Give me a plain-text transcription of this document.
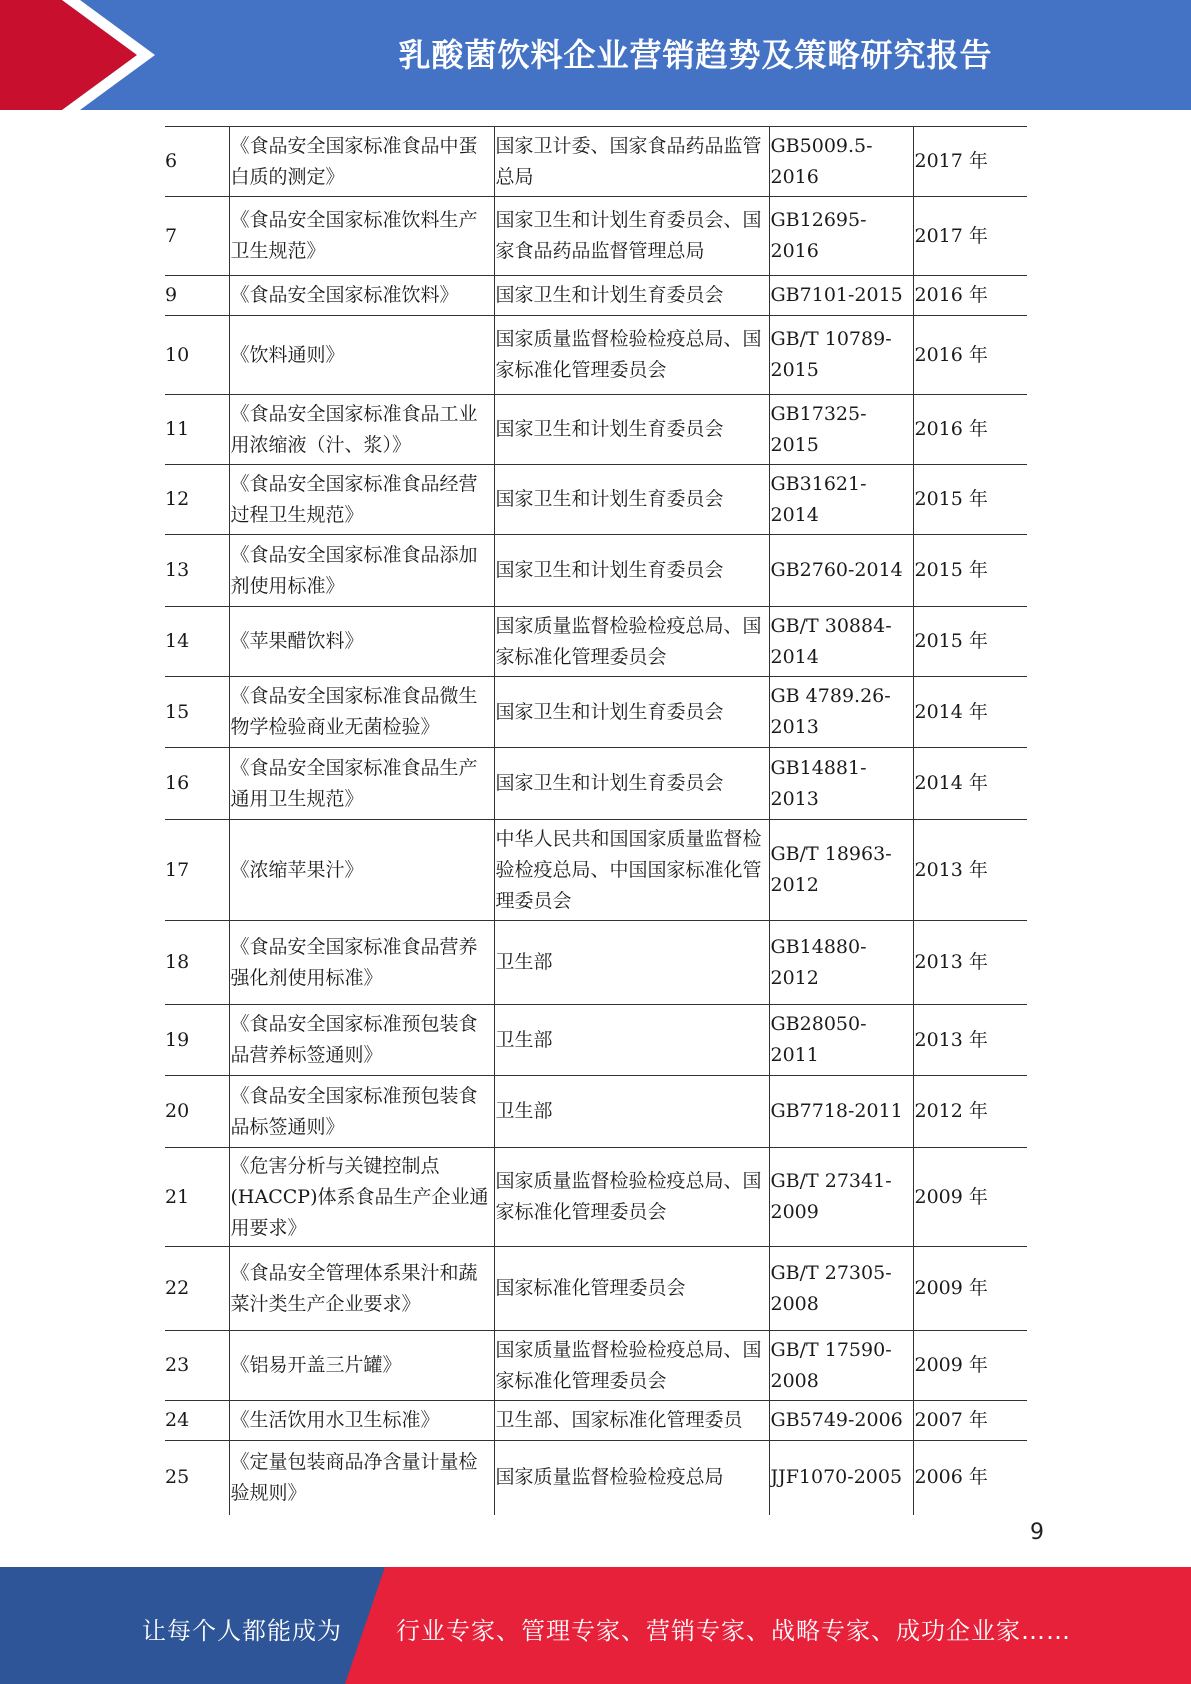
乳酸菌饮料企业营销趋势及策略研究报告
6	《食品安全国家标准食品中蛋白质的测定》	国家卫计委、国家食品药品监管总局	GB5009.5-2016	2017 年
7	《食品安全国家标准饮料生产卫生规范》	国家卫生和计划生育委员会、国家食品药品监督管理总局	GB12695-2016	2017 年
9	《食品安全国家标准饮料》	国家卫生和计划生育委员会	GB7101-2015	2016 年
10	《饮料通则》	国家质量监督检验检疫总局、国家标准化管理委员会	GB/T 10789-2015	2016 年
11	《食品安全国家标准食品工业用浓缩液（汁、浆）》	国家卫生和计划生育委员会	GB17325-2015	2016 年
12	《食品安全国家标准食品经营过程卫生规范》	国家卫生和计划生育委员会	GB31621-2014	2015 年
13	《食品安全国家标准食品添加剂使用标准》	国家卫生和计划生育委员会	GB2760-2014	2015 年
14	《苹果醋饮料》	国家质量监督检验检疫总局、国家标准化管理委员会	GB/T 30884-2014	2015 年
15	《食品安全国家标准食品微生物学检验商业无菌检验》	国家卫生和计划生育委员会	GB 4789.26-2013	2014 年
16	《食品安全国家标准食品生产通用卫生规范》	国家卫生和计划生育委员会	GB14881-2013	2014 年
17	《浓缩苹果汁》	中华人民共和国国家质量监督检验检疫总局、中国国家标准化管理委员会	GB/T 18963-2012	2013 年
18	《食品安全国家标准食品营养强化剂使用标准》	卫生部	GB14880-2012	2013 年
19	《食品安全国家标准预包装食品营养标签通则》	卫生部	GB28050-2011	2013 年
20	《食品安全国家标准预包装食品标签通则》	卫生部	GB7718-2011	2012 年
21	《危害分析与关键控制点(HACCP)体系食品生产企业通用要求》	国家质量监督检验检疫总局、国家标准化管理委员会	GB/T 27341-2009	2009 年
22	《食品安全管理体系果汁和蔬菜汁类生产企业要求》	国家标准化管理委员会	GB/T 27305-2008	2009 年
23	《铝易开盖三片罐》	国家质量监督检验检疫总局、国家标准化管理委员会	GB/T 17590-2008	2009 年
24	《生活饮用水卫生标准》	卫生部、国家标准化管理委员	GB5749-2006	2007 年
25	《定量包装商品净含量计量检验规则》	国家质量监督检验检疫总局	JJF1070-2005	2006 年
9
让每个人都能成为 行业专家、管理专家、营销专家、战略专家、成功企业家……
